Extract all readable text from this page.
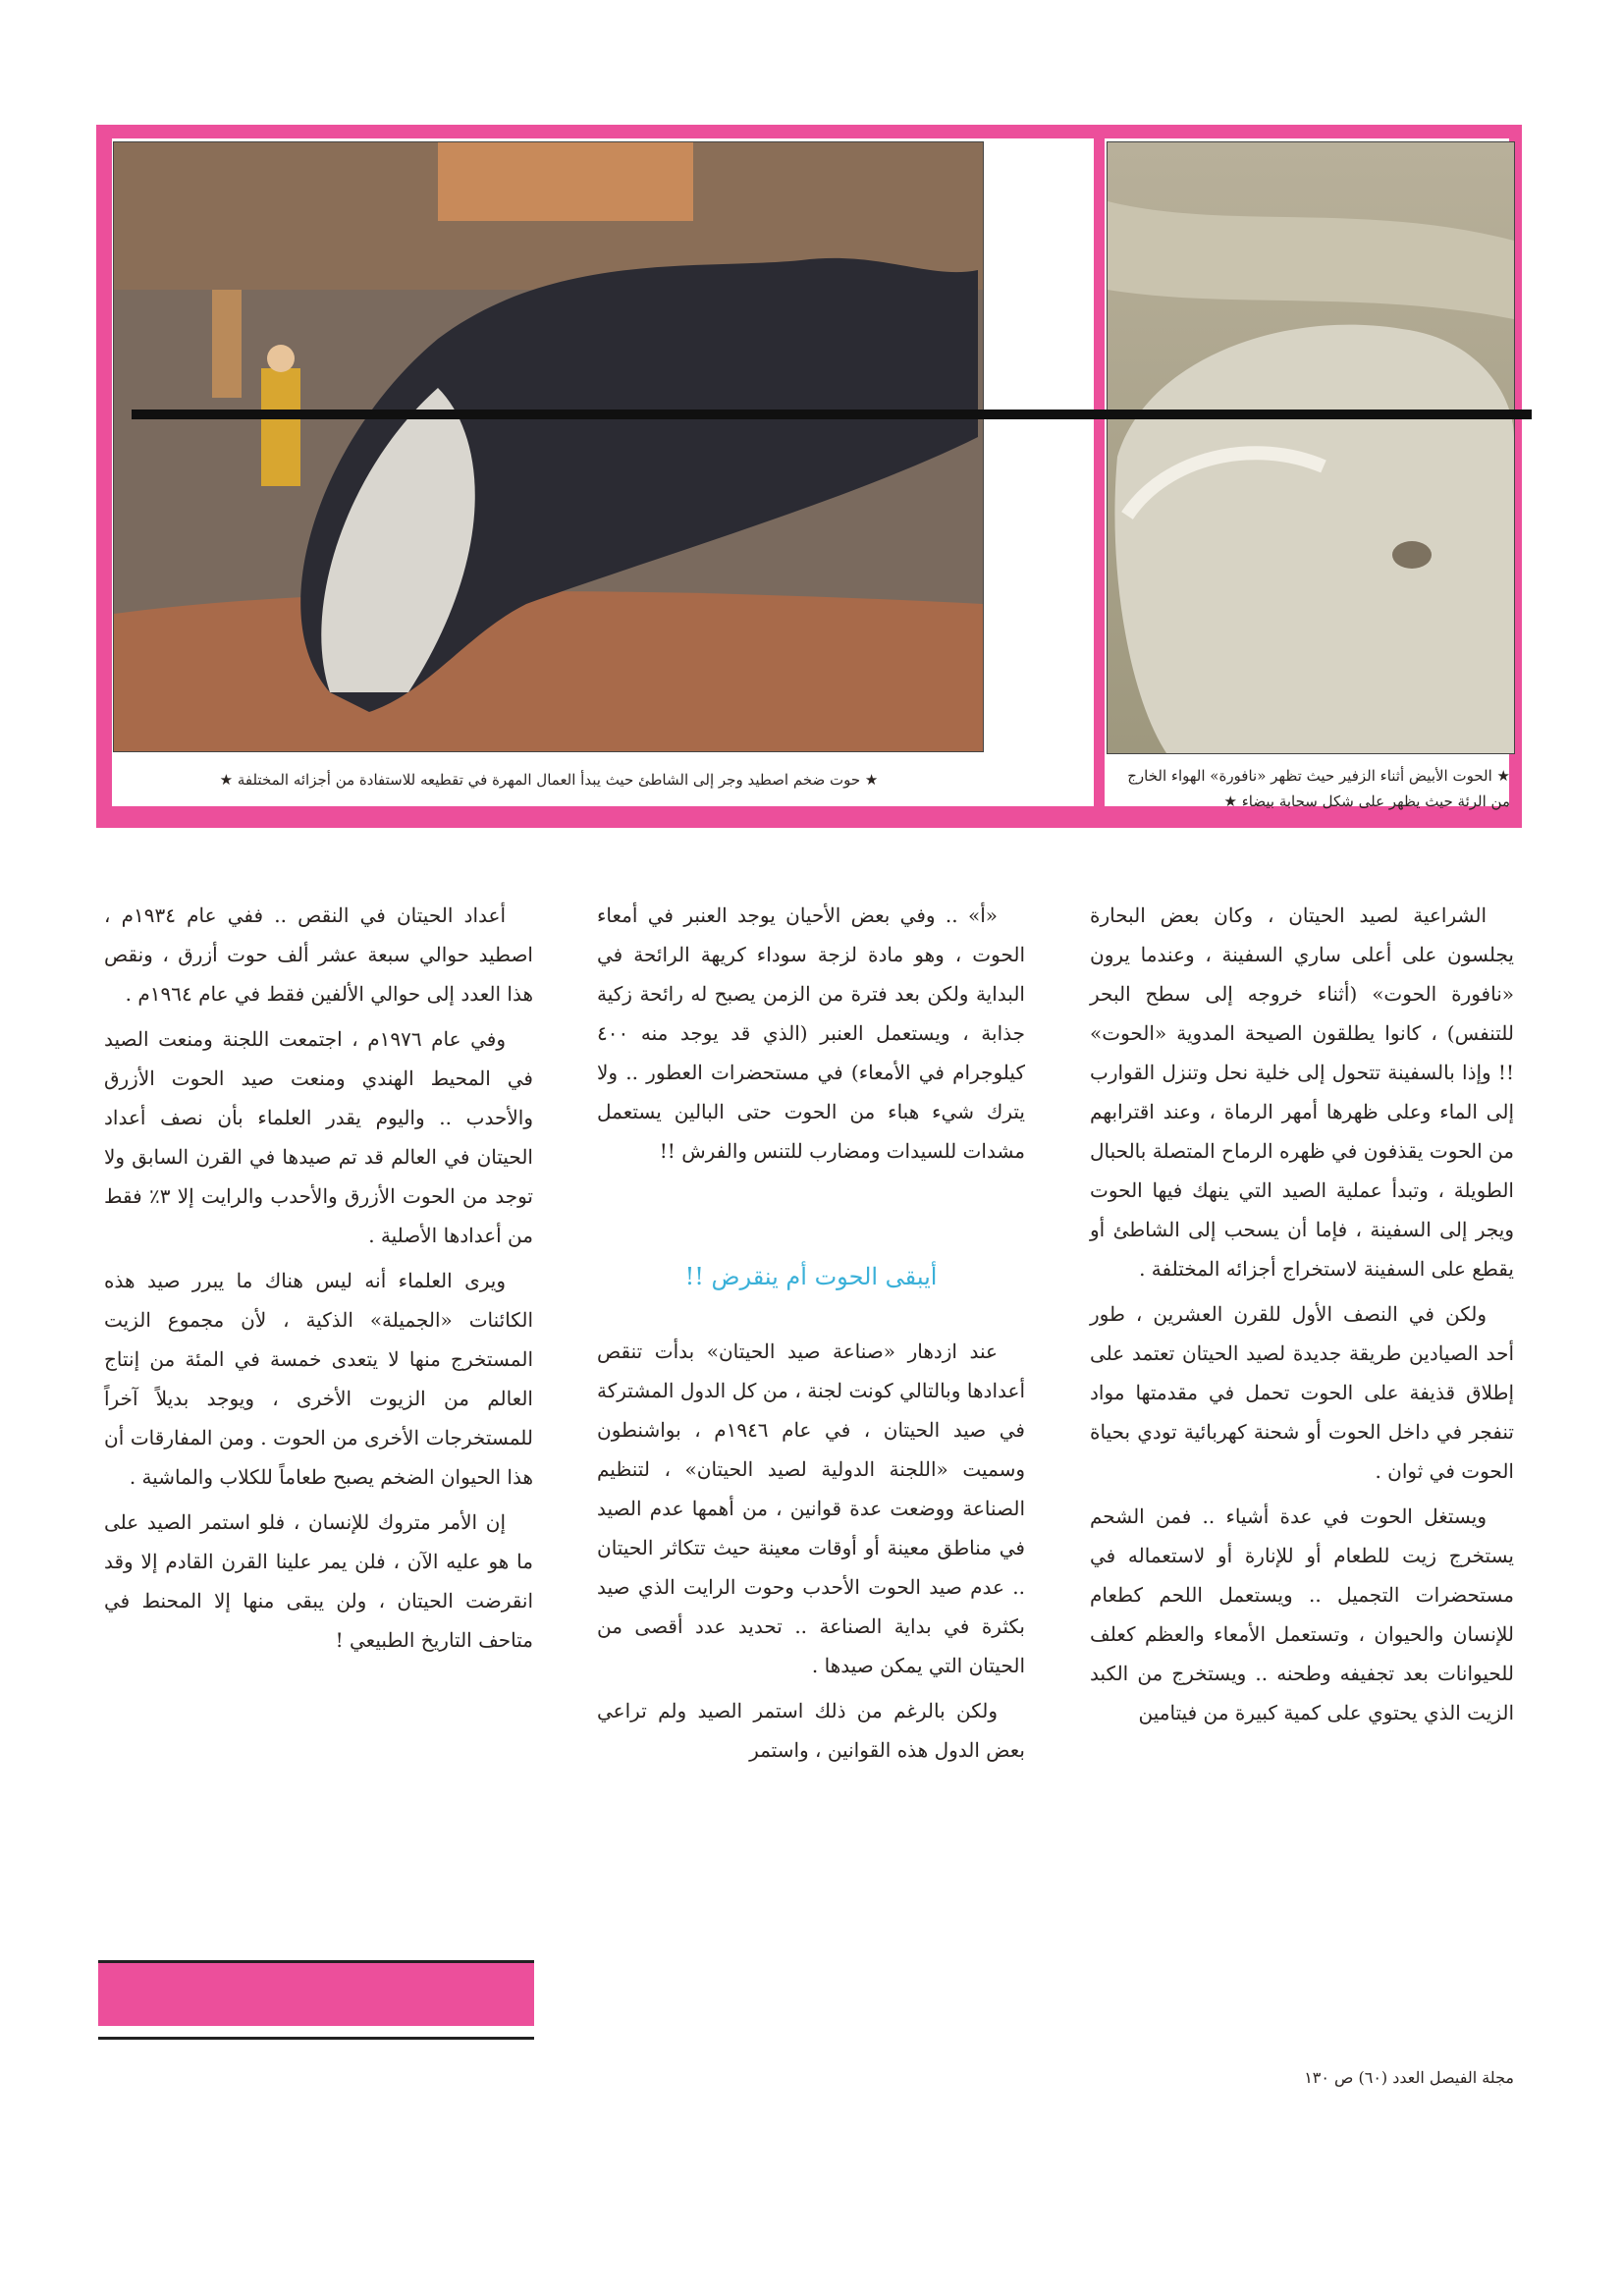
★ حوت ضخم اصطيد وجر إلى الشاطئ حيث يبدأ العمال المهرة في تقطيعه للاستفادة من أجزائه المختلفة ★	★ الحوت الأبيض أثناء الزفير حيث تظهر «نافورة» الهواء الخارج من الرئة حيث يظهر على شكل سحابة بيضاء ★

الشراعية لصيد الحيتان ، وكان بعض البحارة يجلسون على أعلى ساري السفينة ، وعندما يرون «نافورة الحوت» (أثناء خروجه إلى سطح البحر للتنفس) ، كانوا يطلقون الصيحة المدوية «الحوت» !! وإذا بالسفينة تتحول إلى خلية نحل وتنزل القوارب إلى الماء وعلى ظهرها أمهر الرماة ، وعند اقترابهم من الحوت يقذفون في ظهره الرماح المتصلة بالحبال الطويلة ، وتبدأ عملية الصيد التي ينهك فيها الحوت ويجر إلى السفينة ، فإما أن يسحب إلى الشاطئ أو يقطع على السفينة لاستخراج أجزائه المختلفة .

ولكن في النصف الأول للقرن العشرين ، طور أحد الصيادين طريقة جديدة لصيد الحيتان تعتمد على إطلاق قذيفة على الحوت تحمل في مقدمتها مواد تنفجر في داخل الحوت أو شحنة كهربائية تودي بحياة الحوت في ثوان .

ويستغل الحوت في عدة أشياء .. فمن الشحم يستخرج زيت للطعام أو للإنارة أو لاستعماله في مستحضرات التجميل .. ويستعمل اللحم كطعام للإنسان والحيوان ، وتستعمل الأمعاء والعظم كعلف للحيوانات بعد تجفيفه وطحنه .. ويستخرج من الكبد الزيت الذي يحتوي على كمية كبيرة من فيتامين

«أ» .. وفي بعض الأحيان يوجد العنبر في أمعاء الحوت ، وهو مادة لزجة سوداء كريهة الرائحة في البداية ولكن بعد فترة من الزمن يصبح له رائحة زكية جذابة ، ويستعمل العنبر (الذي قد يوجد منه ٤٠٠ كيلوجرام في الأمعاء) في مستحضرات العطور .. ولا يترك شيء هباء من الحوت حتى البالين يستعمل مشدات للسيدات ومضارب للتنس والفرش !!

أيبقى الحوت أم ينقرض !!

عند ازدهار «صناعة صيد الحيتان» بدأت تنقص أعدادها وبالتالي كونت لجنة ، من كل الدول المشتركة في صيد الحيتان ، في عام ١٩٤٦م ، بواشنطون وسميت «اللجنة الدولية لصيد الحيتان» ، لتنظيم الصناعة ووضعت عدة قوانين ، من أهمها عدم الصيد في مناطق معينة أو أوقات معينة حيث تتكاثر الحيتان .. عدم صيد الحوت الأحدب وحوت الرايت الذي صيد بكثرة في بداية الصناعة .. تحديد عدد أقصى من الحيتان التي يمكن صيدها .

ولكن بالرغم من ذلك استمر الصيد ولم تراعي بعض الدول هذه القوانين ، واستمر

أعداد الحيتان في النقص .. ففي عام ١٩٣٤م ، اصطيد حوالي سبعة عشر ألف حوت أزرق ، ونقص هذا العدد إلى حوالي الألفين فقط في عام ١٩٦٤م .

وفي عام ١٩٧٦م ، اجتمعت اللجنة ومنعت الصيد في المحيط الهندي ومنعت صيد الحوت الأزرق والأحدب .. واليوم يقدر العلماء بأن نصف أعداد الحيتان في العالم قد تم صيدها في القرن السابق ولا توجد من الحوت الأزرق والأحدب والرايت إلا ٣٪ فقط من أعدادها الأصلية .

ويرى العلماء أنه ليس هناك ما يبرر صيد هذه الكائنات «الجميلة» الذكية ، لأن مجموع الزيت المستخرج منها لا يتعدى خمسة في المئة من إنتاج العالم من الزيوت الأخرى ، ويوجد بديلاً آخراً للمستخرجات الأخرى من الحوت . ومن المفارقات أن هذا الحيوان الضخم يصبح طعاماً للكلاب والماشية .

إن الأمر متروك للإنسان ، فلو استمر الصيد على ما هو عليه الآن ، فلن يمر علينا القرن القادم إلا وقد انقرضت الحيتان ، ولن يبقى منها إلا المحنط في متاحف التاريخ الطبيعي !

مجلة الفيصل العدد (٦٠) ص ١٣٠
